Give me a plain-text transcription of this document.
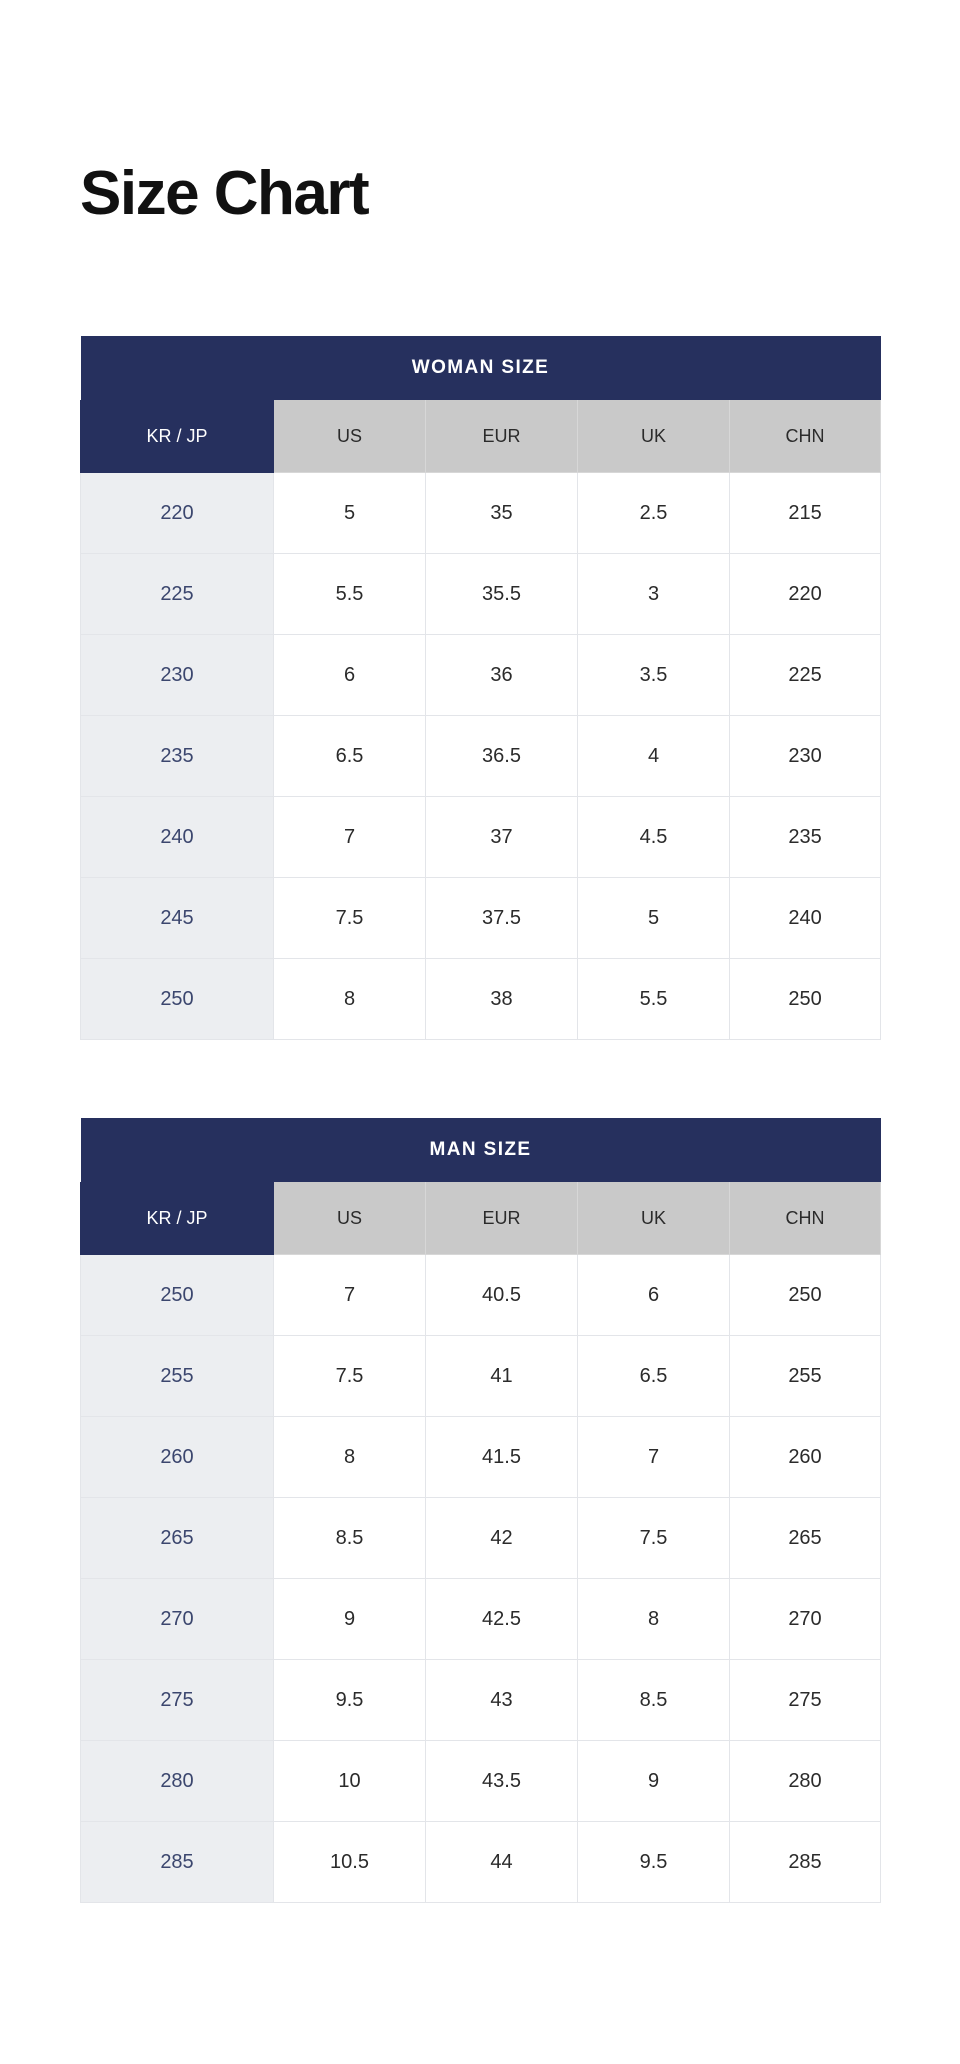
Size Chart
WOMAN SIZE				
KR / JP	US	EUR	UK	CHN
220	5	35	2.5	215
225	5.5	35.5	3	220
230	6	36	3.5	225
235	6.5	36.5	4	230
240	7	37	4.5	235
245	7.5	37.5	5	240
250	8	38	5.5	250
MAN SIZE				
KR / JP	US	EUR	UK	CHN
250	7	40.5	6	250
255	7.5	41	6.5	255
260	8	41.5	7	260
265	8.5	42	7.5	265
270	9	42.5	8	270
275	9.5	43	8.5	275
280	10	43.5	9	280
285	10.5	44	9.5	285
